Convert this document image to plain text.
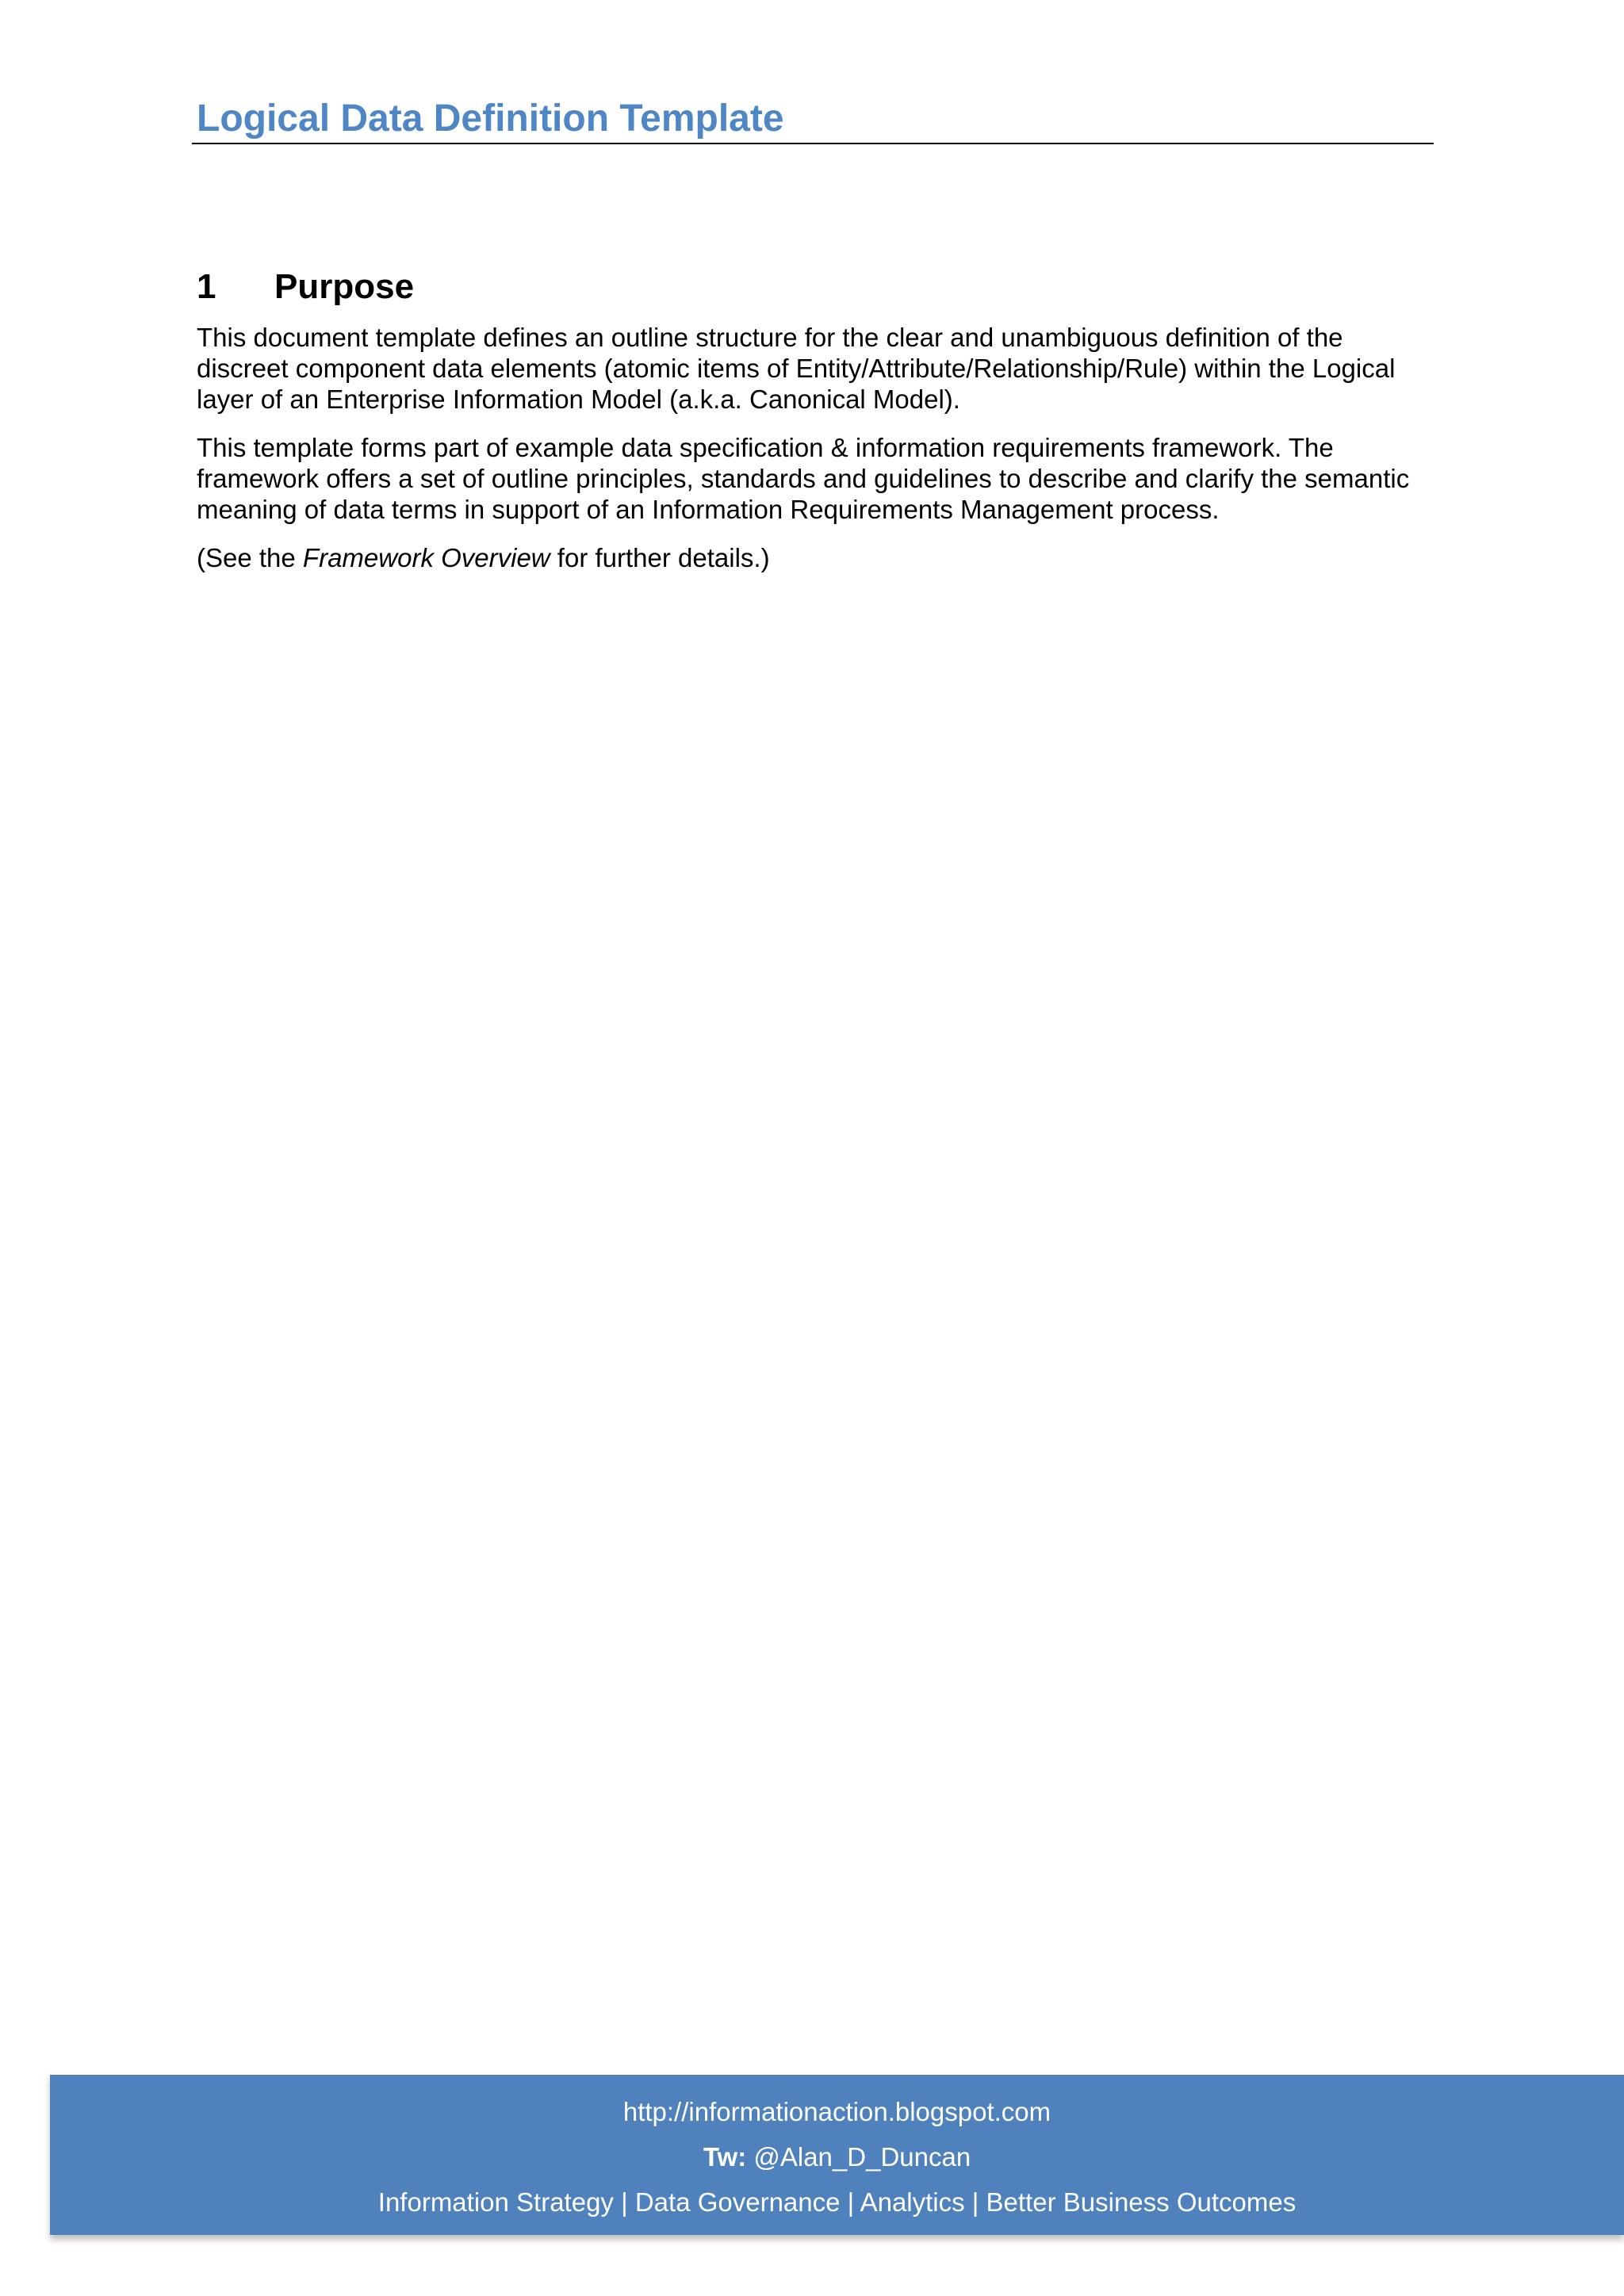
Logical Data Definition Template
1 Purpose

This document template defines an outline structure for the clear and unambiguous definition of the discreet component data elements (atomic items of Entity/Attribute/Relationship/Rule) within the Logical layer of an Enterprise Information Model (a.k.a. Canonical Model).

This template forms part of example data specification & information requirements framework. The framework offers a set of outline principles, standards and guidelines to describe and clarify the semantic meaning of data terms in support of an Information Requirements Management process.

(See the Framework Overview for further details.)

http://informationaction.blogspot.com
Tw: @Alan_D_Duncan
Information Strategy | Data Governance | Analytics | Better Business Outcomes
